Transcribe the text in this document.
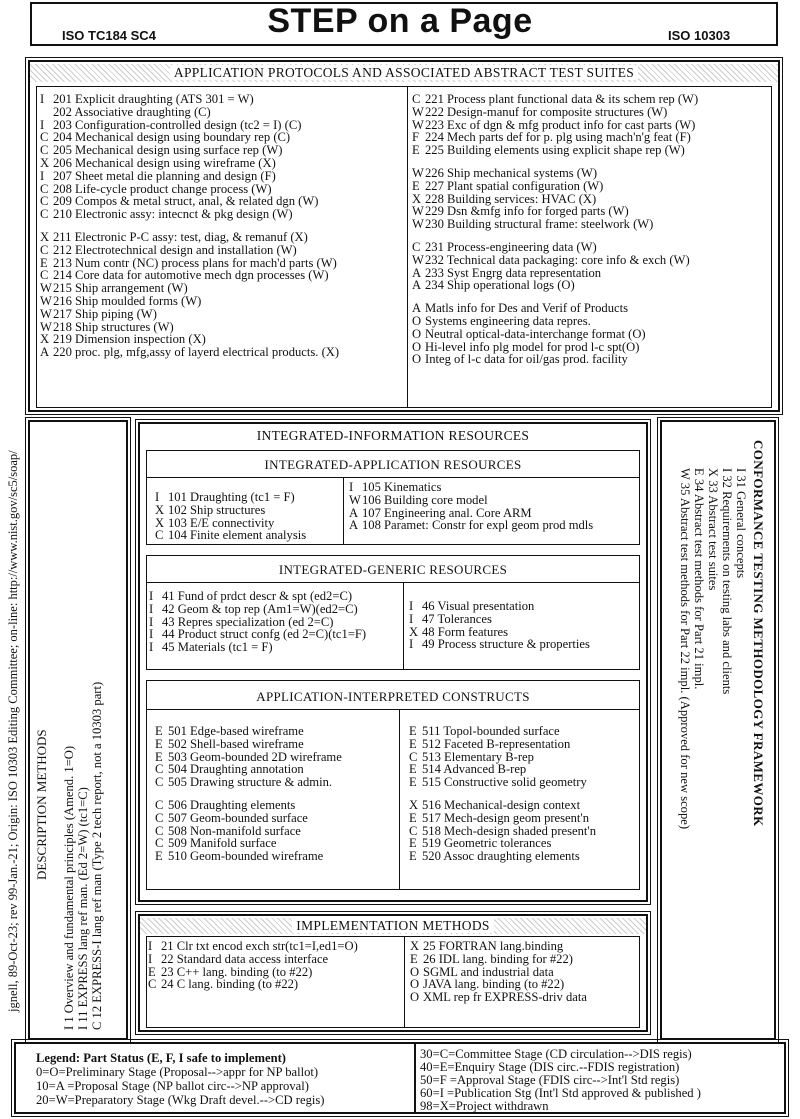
STEP on a Page
ISO TC184 SC4	ISO 10303
jgnell, 89-Oct-23; rev 99-Jan.-21; Origin: ISO 10303 Editing Committee; on-line: http://www.nist.gov/sc5/soap/
APPLICATION PROTOCOLS AND ASSOCIATED ABSTRACT TEST SUITES
I 201 Explicit draughting (ATS 301 = W)
202 Associative draughting (C)
I 203 Configuration-controlled design (tc2 = I) (C)
C 204 Mechanical design using boundary rep (C)
C 205 Mechanical design using surface rep (W)
X 206 Mechanical design using wireframe (X)
I 207 Sheet metal die planning and design (F)
C 208 Life-cycle product change process (W)
C 209 Compos & metal struct, anal, & related dgn (W)
C 210 Electronic assy: intecnct & pkg design (W)
X 211 Electronic P-C assy: test, diag, & remanuf (X)
C 212 Electrotechnical design and installation (W)
E 213 Num contr (NC) process plans for mach'd parts (W)
C 214 Core data for automotive mech dgn processes (W)
W215 Ship arrangement (W)
W216 Ship moulded forms (W)
W217 Ship piping (W)
W218 Ship structures (W)
X 219 Dimension inspection (X)
A 220 proc. plg, mfg,assy of layerd electrical products. (X)
C 221 Process plant functional data & its schem rep (W)
W222 Design-manuf for composite structures (W)
W223 Exc of dgn & mfg product info for cast parts (W)
F 224 Mech parts def for p. plg using mach'n'g feat (F)
E 225 Building elements using explicit shape rep (W)
W226 Ship mechanical systems (W)
E 227 Plant spatial configuration (W)
X 228 Building services: HVAC (X)
W229 Dsn &mfg info for forged parts (W)
W230 Building structural frame: steelwork (W)
C 231 Process-engineering data (W)
W232 Technical data packaging: core info & exch (W)
A 233 Syst Engrg data representation
A 234 Ship operational logs (O)
A Matls info for Des and Verif of Products
O Systems engineering data repres.
O Neutral optical-data-interchange format (O)
O Hi-level info plg model for prod l-c spt(O)
O Integ of l-c data for oil/gas prod. facility
DESCRIPTION METHODS I 1 Overview and fundamental principles (Amend. 1=O) I 11 EXPRESS lang ref man. (Ed 2=W) (tc1=C) C 12 EXPRESS-I lang ref man (Type 2 tech report, not a 10303 part)
INTEGRATED-INFORMATION RESOURCES
INTEGRATED-APPLICATION RESOURCES
I 101 Draughting (tc1 = F)
X 102 Ship structures
X 103 E/E connectivity
C 104 Finite element analysis
I 105 Kinematics
W106 Building core model
A 107 Engineering anal. Core ARM
A 108 Paramet: Constr for expl geom prod mdls
INTEGRATED-GENERIC RESOURCES
I 41 Fund of prdct descr & spt (ed2=C)
I 42 Geom & top rep (Am1=W)(ed2=C)
I 43 Repres specialization (ed 2=C)
I 44 Product struct confg (ed 2=C)(tc1=F)
I 45 Materials (tc1 = F)
I 46 Visual presentation
I 47 Tolerances
X 48 Form features
I 49 Process structure & properties
APPLICATION-INTERPRETED CONSTRUCTS
E 501 Edge-based wireframe
E 502 Shell-based wireframe
E 503 Geom-bounded 2D wireframe
C 504 Draughting annotation
C 505 Drawing structure & admin.
C 506 Draughting elements
C 507 Geom-bounded surface
C 508 Non-manifold surface
C 509 Manifold surface
E 510 Geom-bounded wireframe
E 511 Topol-bounded surface
E 512 Faceted B-representation
C 513 Elementary B-rep
E 514 Advanced B-rep
E 515 Constructive solid geometry
X 516 Mechanical-design context
E 517 Mech-design geom present'n
C 518 Mech-design shaded present'n
E 519 Geometric tolerances
E 520 Assoc draughting elements
IMPLEMENTATION METHODS
I 21 Clr txt encod exch str(tc1=I,ed1=O)
I 22 Standard data access interface
E 23 C++ lang. binding (to #22)
C 24 C lang. binding (to #22)
X 25 FORTRAN lang.binding
E 26 IDL lang. binding for #22)
O SGML and industrial data
O JAVA lang. binding (to #22)
O XML rep fr EXPRESS-driv data
CONFORMANCE TESTING METHODOLOGY FRAMEWORK
I 31 General concepts
I 32 Requirements on testing labs and clients
X 33 Abstract test suites
E 34 Abstract test methods for Part 21 impl.
W 35 Abstract test methods for Part 22 impl. (Approved for new scope)
Legend: Part Status (E, F, I safe to implement)
0=O=Preliminary Stage (Proposal-->appr for NP ballot)
10=A =Proposal Stage (NP ballot circ-->NP approval)
20=W=Preparatory Stage (Wkg Draft devel.-->CD regis)
30=C=Committee Stage (CD circulation-->DIS regis)
40=E=Enquiry Stage (DIS circ.--FDIS registration)
50=F =Approval Stage (FDIS circ-->Int'l Std regis)
60=I =Publication Stg (Int'l Std approved & published )
98=X=Project withdrawn
